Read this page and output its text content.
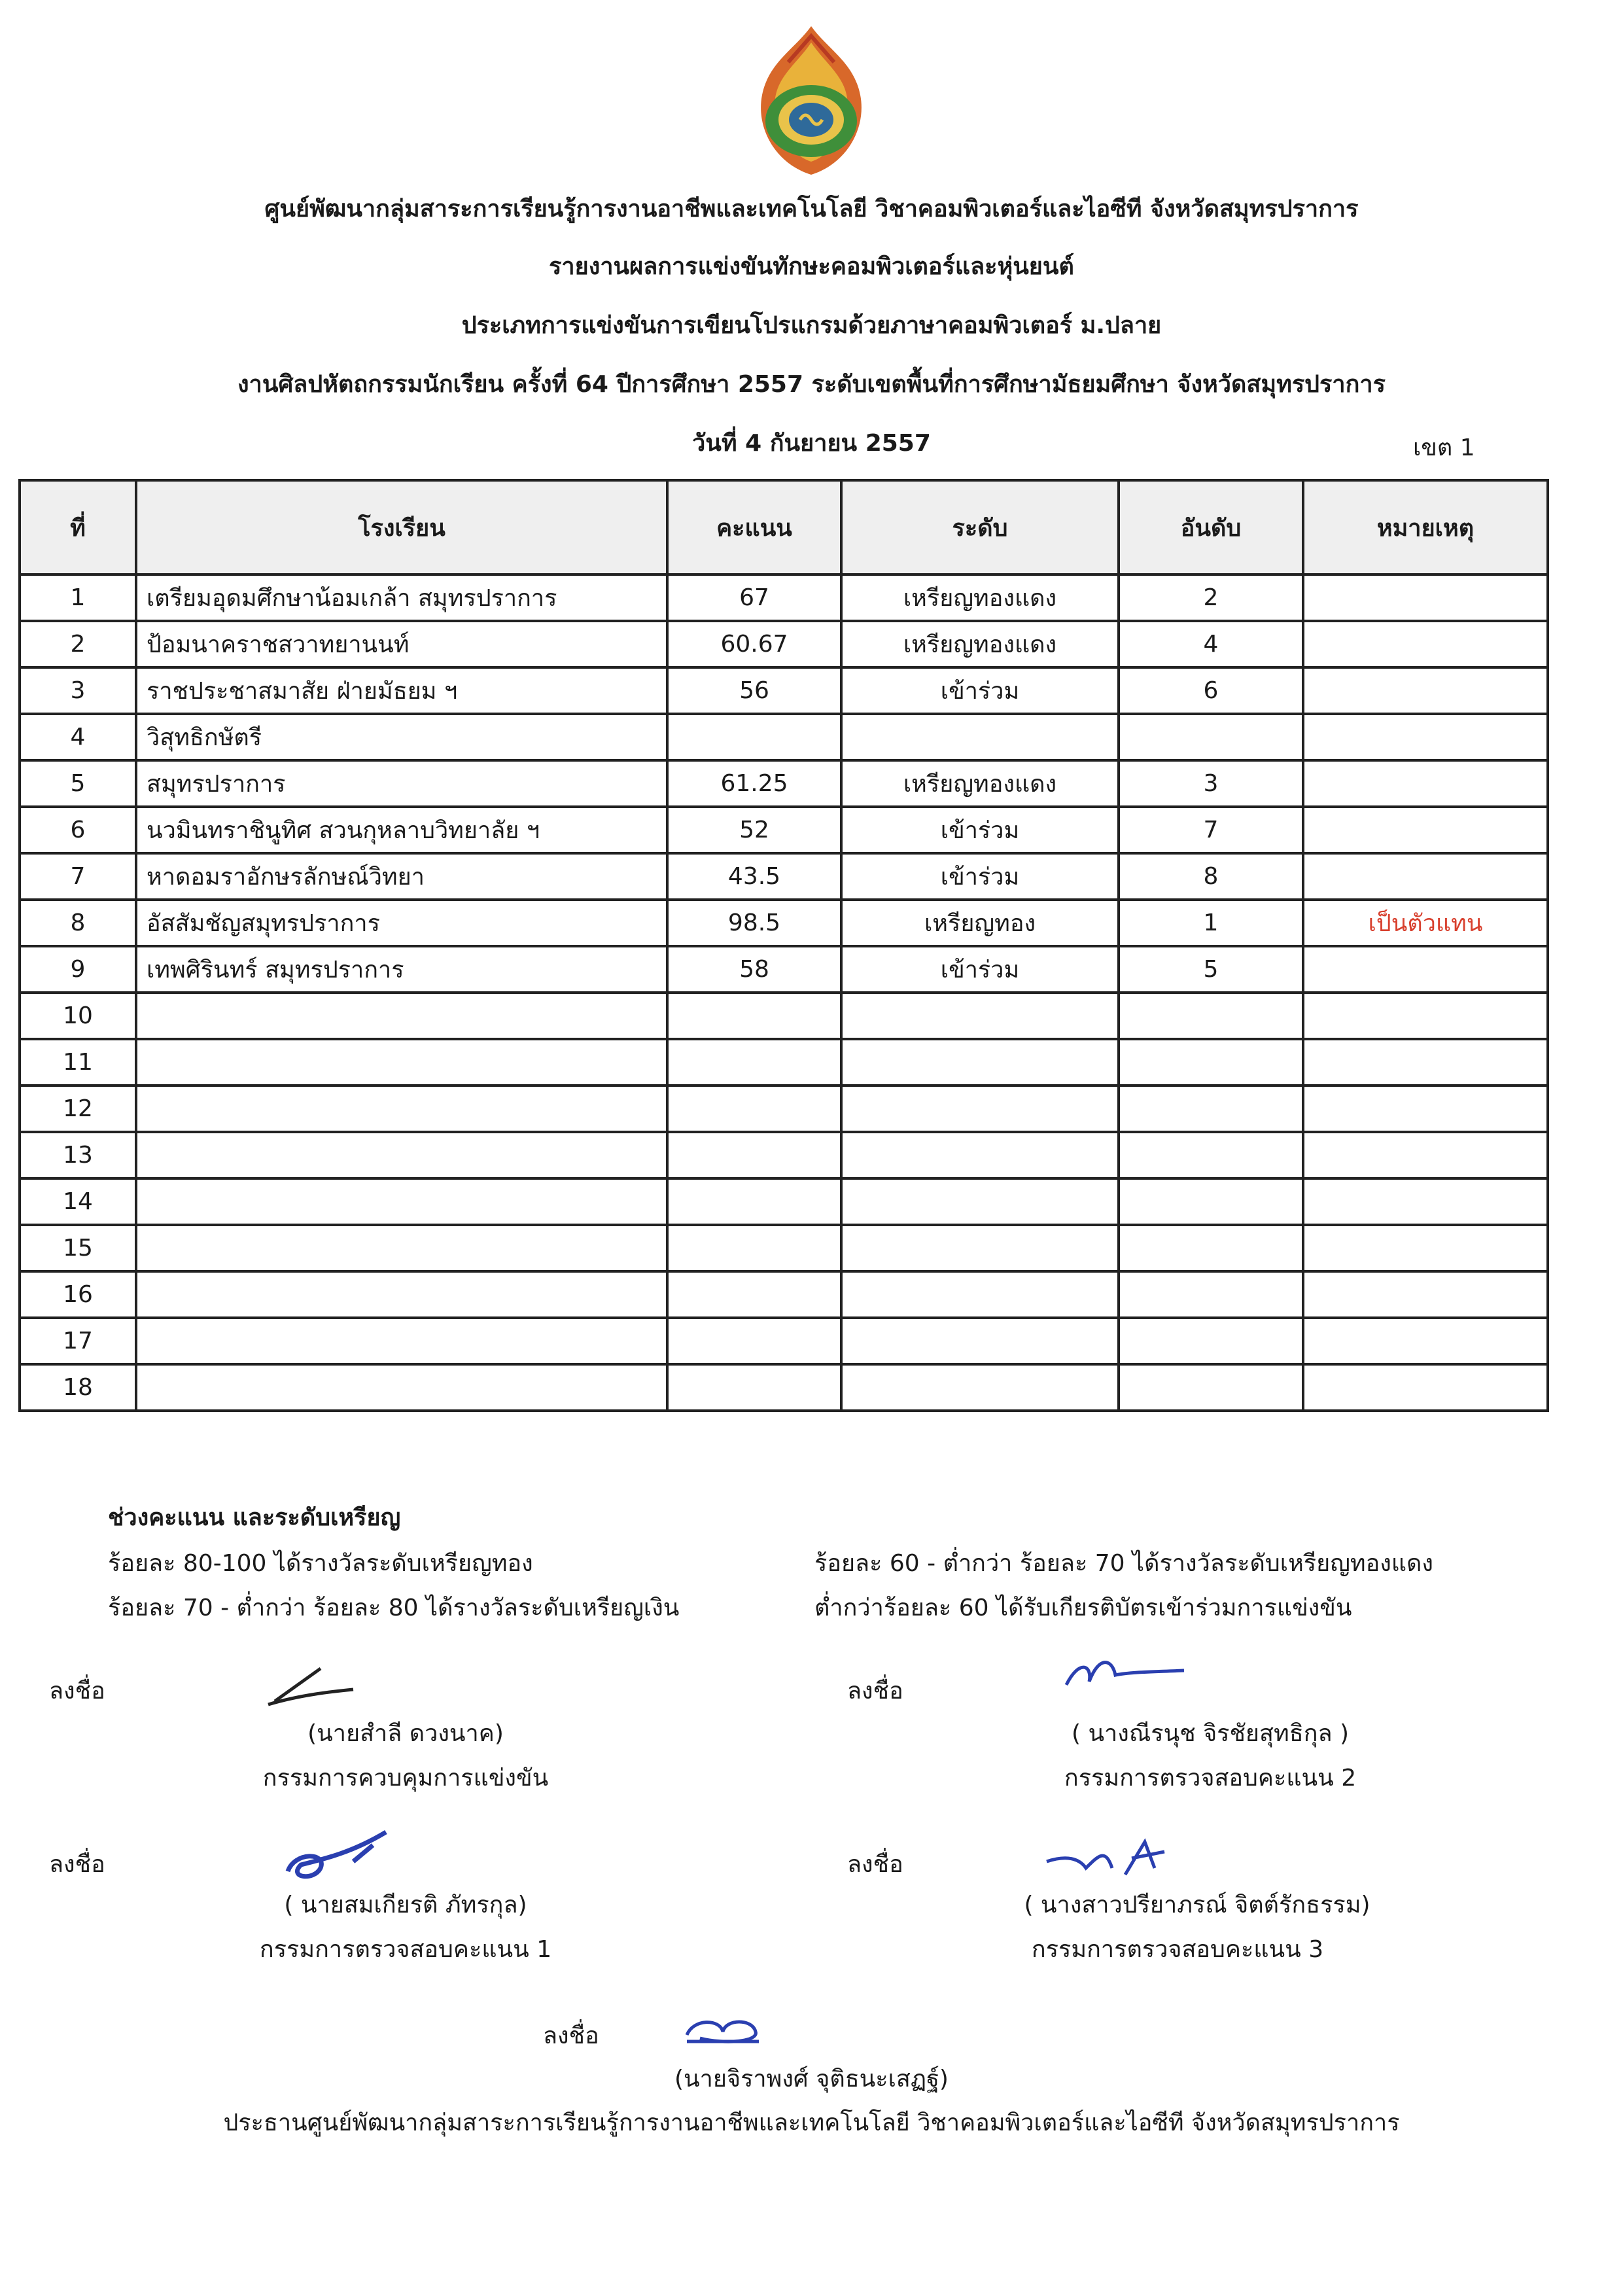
ศูนย์พัฒนากลุ่มสาระการเรียนรู้การงานอาชีพและเทคโนโลยี วิชาคอมพิวเตอร์และไอซีที จังหวัดสมุทรปราการ
รายงานผลการแข่งขันทักษะคอมพิวเตอร์และหุ่นยนต์
ประเภทการแข่งขันการเขียนโปรแกรมด้วยภาษาคอมพิวเตอร์ ม.ปลาย
งานศิลปหัตถกรรมนักเรียน ครั้งที่ 64 ปีการศึกษา 2557 ระดับเขตพื้นที่การศึกษามัธยมศึกษา จังหวัดสมุทรปราการ
วันที่ 4 กันยายน 2557	เขต 1
ที่	โรงเรียน	คะแนน	ระดับ	อันดับ	หมายเหตุ
1	เตรียมอุดมศึกษาน้อมเกล้า สมุทรปราการ	67	เหรียญทองแดง	2	
2	ป้อมนาคราชสวาทยานนท์	60.67	เหรียญทองแดง	4	
3	ราชประชาสมาสัย ฝ่ายมัธยม ฯ	56	เข้าร่วม	6	
4	วิสุทธิกษัตรี				
5	สมุทรปราการ	61.25	เหรียญทองแดง	3	
6	นวมินทราชินูทิศ สวนกุหลาบวิทยาลัย ฯ	52	เข้าร่วม	7	
7	หาดอมราอักษรลักษณ์วิทยา	43.5	เข้าร่วม	8	
8	อัสสัมชัญสมุทรปราการ	98.5	เหรียญทอง	1	เป็นตัวแทน
9	เทพศิรินทร์ สมุทรปราการ	58	เข้าร่วม	5	
10					
11					
12					
13					
14					
15					
16					
17					
18					
ช่วงคะแนน และระดับเหรียญ
ร้อยละ 80-100 ได้รางวัลระดับเหรียญทอง
ร้อยละ 70 - ต่ำกว่า ร้อยละ 80 ได้รางวัลระดับเหรียญเงิน
ร้อยละ 60 - ต่ำกว่า ร้อยละ 70 ได้รางวัลระดับเหรียญทองแดง
ต่ำกว่าร้อยละ 60 ได้รับเกียรติบัตรเข้าร่วมการแข่งขัน
ลงชื่อ
(นายสำลี ดวงนาค)
กรรมการควบคุมการแข่งขัน
ลงชื่อ
( นางณีรนุช จิรชัยสุทธิกุล )
กรรมการตรวจสอบคะแนน 2
ลงชื่อ
( นายสมเกียรติ ภัทรกุล)
กรรมการตรวจสอบคะแนน 1
ลงชื่อ
( นางสาวปรียาภรณ์ จิตต์รักธรรม)
กรรมการตรวจสอบคะแนน 3
ลงชื่อ
(นายจิราพงศ์ จุติธนะเสฏฐ์)
ประธานศูนย์พัฒนากลุ่มสาระการเรียนรู้การงานอาชีพและเทคโนโลยี วิชาคอมพิวเตอร์และไอซีที จังหวัดสมุทรปราการ
